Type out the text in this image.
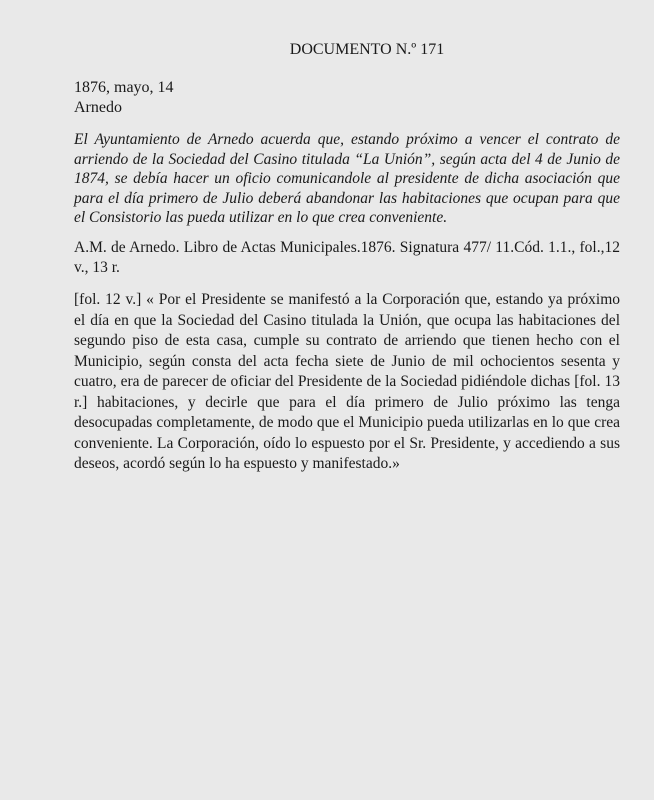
DOCUMENTO N.º 171
1876, mayo, 14
Arnedo

El Ayuntamiento de Arnedo acuerda que, estando próximo a vencer el contrato de arriendo de la Sociedad del Casino titulada “La Unión”, según acta del 4 de Junio de 1874, se debía hacer un oficio comunicandole al presidente de dicha asociación que para el día primero de Julio deberá abandonar las habitaciones que ocupan para que el Consistorio las pueda utilizar en lo que crea conveniente.

A.M. de Arnedo. Libro de Actas Municipales.1876. Signatura 477/ 11.Cód. 1.1., fol.,12 v., 13 r.

[fol. 12 v.] « Por el Presidente se manifestó a la Corporación que, estando ya próximo el día en que la Sociedad del Casino titulada la Unión, que ocupa las habitaciones del segundo piso de esta casa, cumple su contrato de arriendo que tienen hecho con el Municipio, según consta del acta fecha siete de Junio de mil ochocientos sesenta y cuatro, era de parecer de oficiar del Presidente de la Sociedad pidiéndole dichas [fol. 13 r.] habitaciones, y decirle que para el día primero de Julio próximo las tenga desocupadas completamente, de modo que el Municipio pueda utilizarlas en lo que crea conveniente. La Corporación, oído lo espuesto por el Sr. Presidente, y accediendo a sus deseos, acordó según lo ha espuesto y manifestado.»
